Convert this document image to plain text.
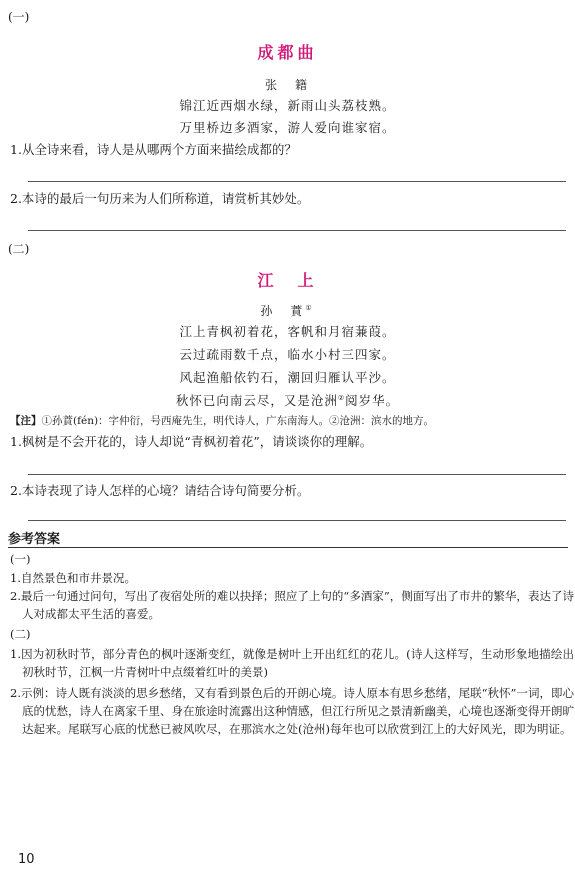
(一)
成都曲
张　籍
锦江近西烟水绿，新雨山头荔枝熟。
万里桥边多酒家，游人爱向谁家宿。
1.从全诗来看，诗人是从哪两个方面来描绘成都的？
2.本诗的最后一句历来为人们所称道，请赏析其妙处。
(二)
江　上
孙　蕡①
江上青枫初着花，客帆和月宿蒹葭。
云过疏雨数千点，临水小村三四家。
风起渔船依钓石，潮回归雁认平沙。
秋怀已向南云尽，又是沧洲②阅岁华。
【注】①孙蕡(fén)：字仲衍，号西庵先生，明代诗人，广东南海人。②沧洲：滨水的地方。
1.枫树是不会开花的，诗人却说“青枫初着花”，请谈谈你的理解。
2.本诗表现了诗人怎样的心境？请结合诗句简要分析。
参考答案
(一)
1.自然景色和市井景况。
2.最后一句通过问句，写出了夜宿处所的难以抉择；照应了上句的“多酒家”，侧面写出了市井的繁华，表达了诗人对成都太平生活的喜爱。
(二)
1.因为初秋时节，部分青色的枫叶逐渐变红，就像是树叶上开出红红的花儿。(诗人这样写，生动形象地描绘出初秋时节，江枫一片青树叶中点缀着红叶的美景)
2.示例：诗人既有淡淡的思乡愁绪，又有看到景色后的开朗心境。诗人原本有思乡愁绪，尾联“秋怀”一词，即心底的忧愁，诗人在离家千里、身在旅途时流露出这种情感，但江行所见之景清新幽美，心境也逐渐变得开朗旷达起来。尾联写心底的忧愁已被风吹尽，在那滨水之处(沧州)每年也可以欣赏到江上的大好风光，即为明证。
10
